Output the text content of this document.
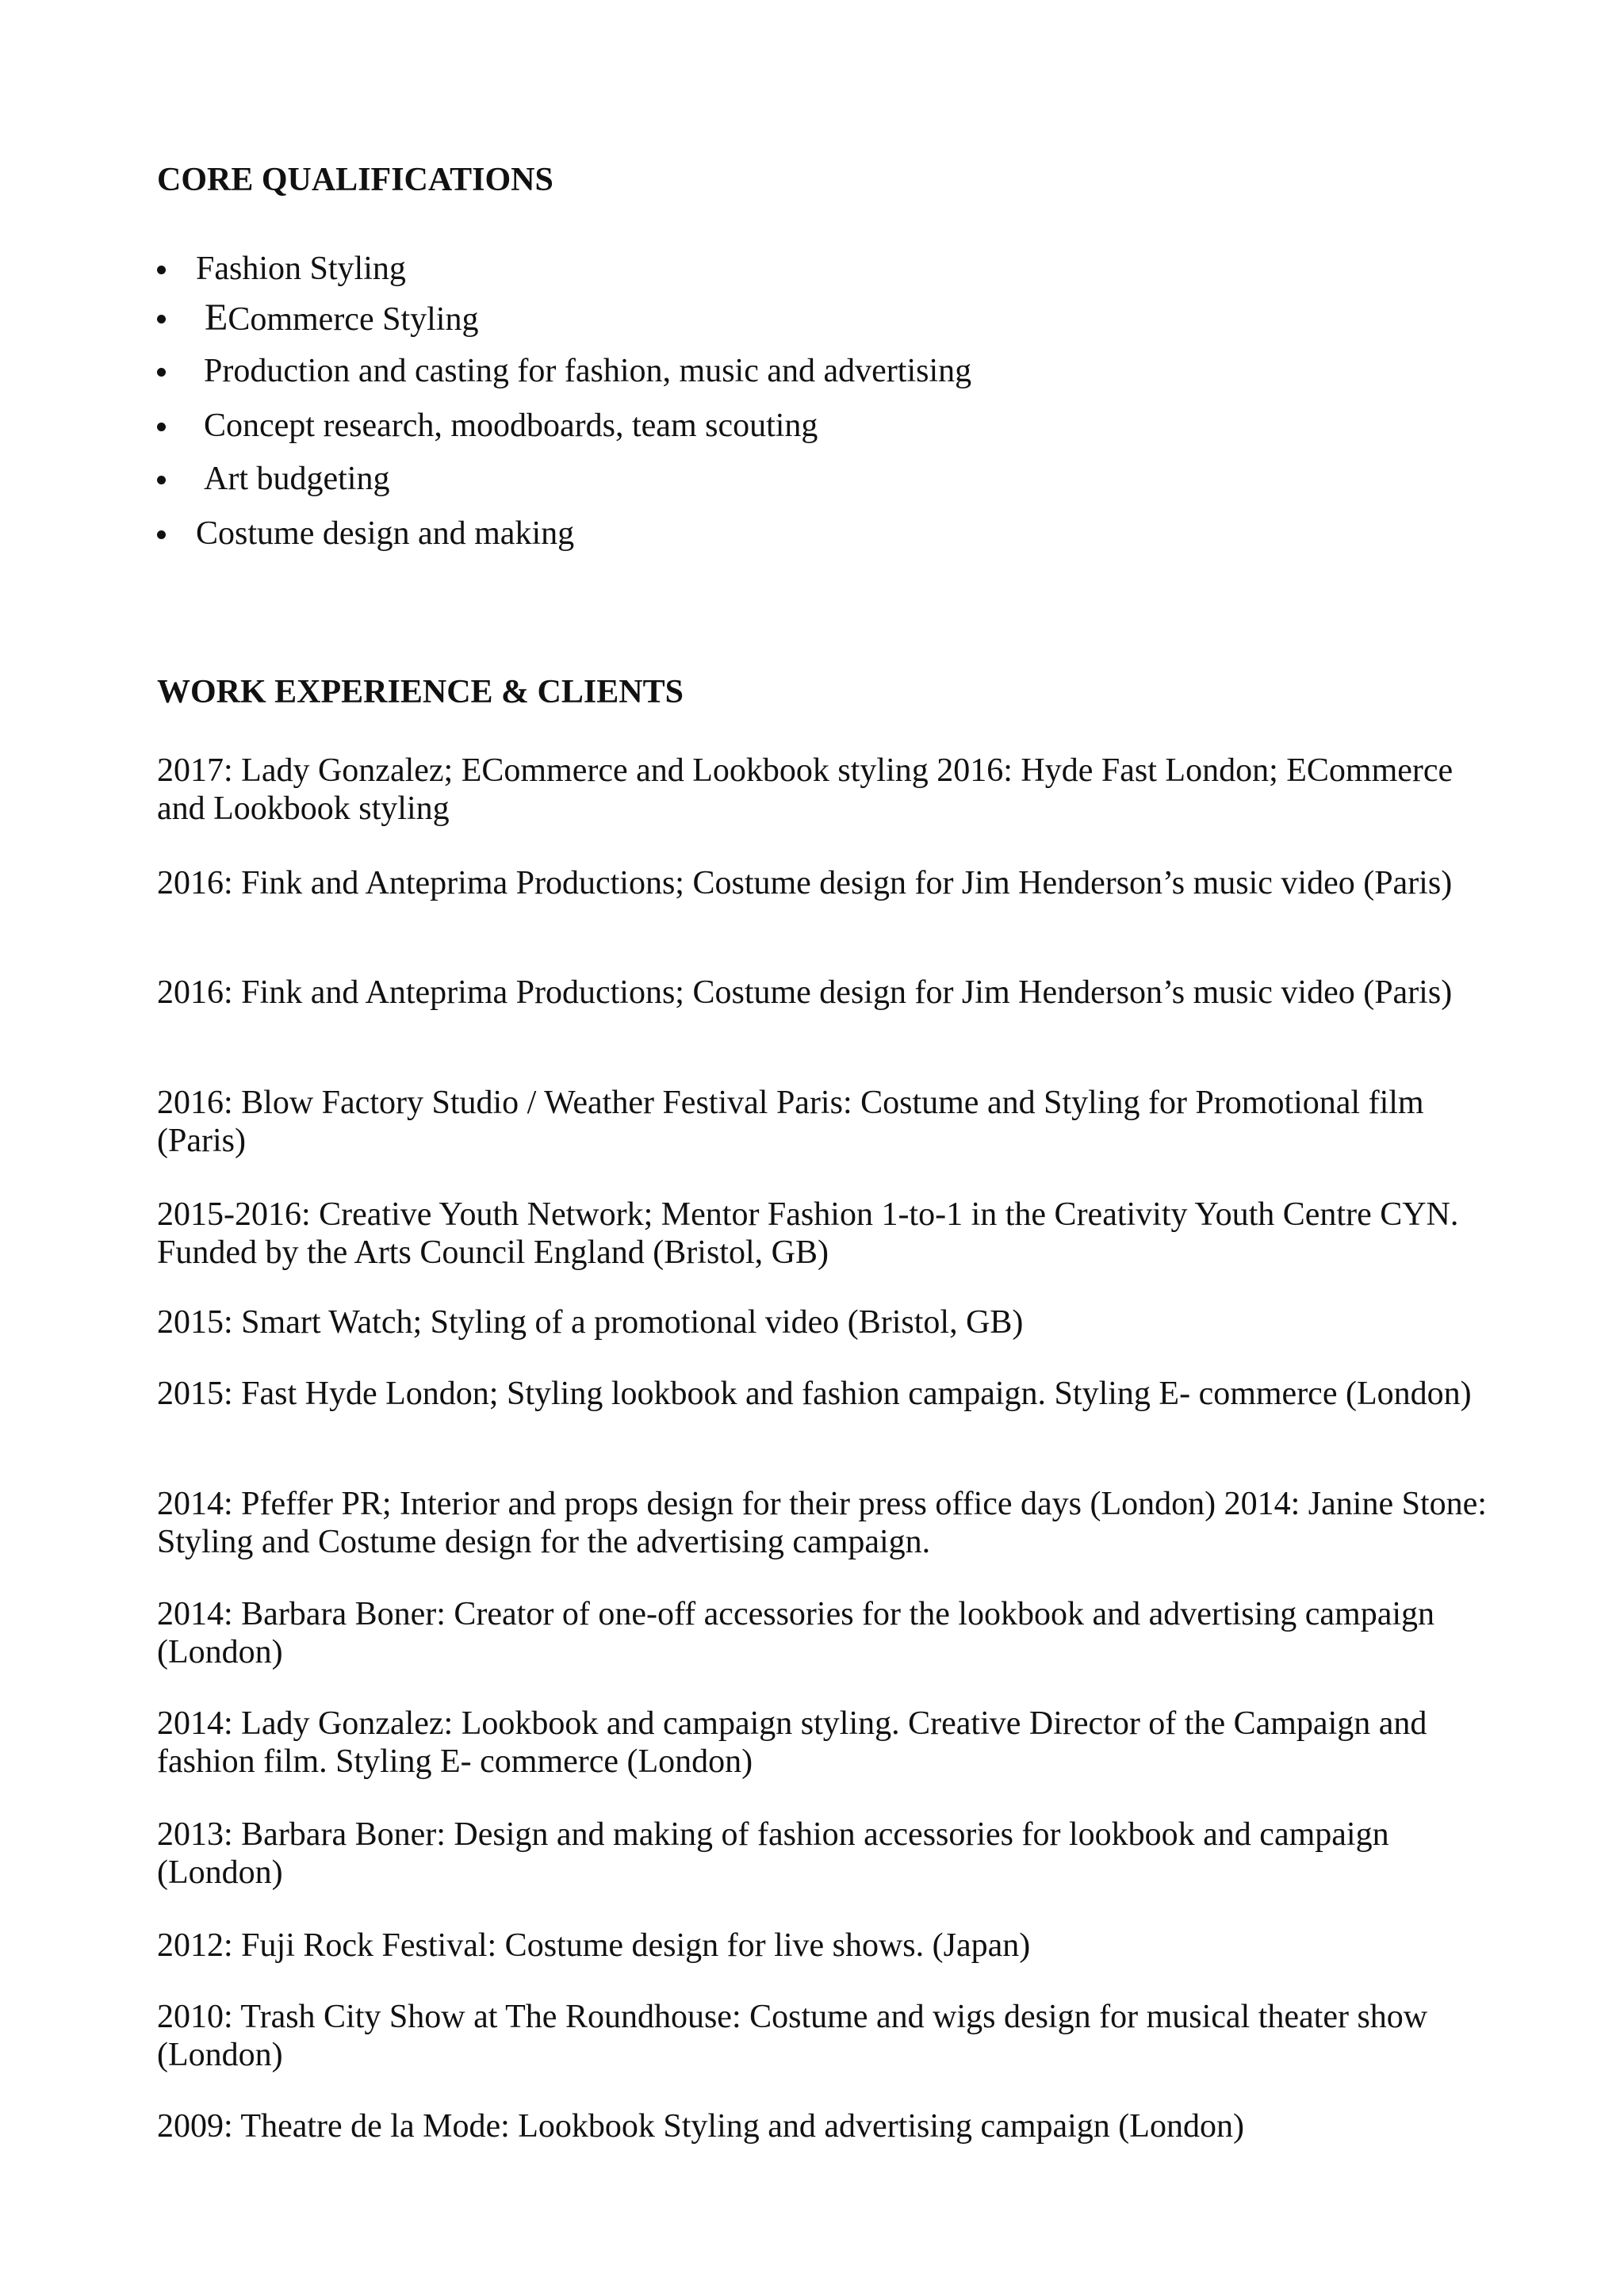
CORE QUALIFICATIONS
Fashion Styling
ECommerce Styling
Production and casting for fashion, music and advertising
Concept research, moodboards, team scouting
Art budgeting
Costume design and making
WORK EXPERIENCE & CLIENTS

2017: Lady Gonzalez; ECommerce and Lookbook styling 2016: Hyde Fast London; ECommerce and Lookbook styling

2016: Fink and Anteprima Productions; Costume design for Jim Henderson’s music video (Paris)

2016: Fink and Anteprima Productions; Costume design for Jim Henderson’s music video (Paris)

2016: Blow Factory Studio / Weather Festival Paris: Costume and Styling for Promotional film (Paris)

2015-2016: Creative Youth Network; Mentor Fashion 1-to-1 in the Creativity Youth Centre CYN. Funded by the Arts Council England (Bristol, GB)

2015: Smart Watch; Styling of a promotional video (Bristol, GB)

2015: Fast Hyde London; Styling lookbook and fashion campaign. Styling E- commerce (London)

2014: Pfeffer PR; Interior and props design for their press office days (London) 2014: Janine Stone: Styling and Costume design for the advertising campaign.

2014: Barbara Boner: Creator of one-off accessories for the lookbook and advertising campaign (London)

2014: Lady Gonzalez: Lookbook and campaign styling. Creative Director of the Campaign and fashion film. Styling E- commerce (London)

2013: Barbara Boner: Design and making of fashion accessories for lookbook and campaign (London)

2012: Fuji Rock Festival: Costume design for live shows. (Japan)

2010: Trash City Show at The Roundhouse: Costume and wigs design for musical theater show (London)

2009: Theatre de la Mode: Lookbook Styling and advertising campaign (London)
